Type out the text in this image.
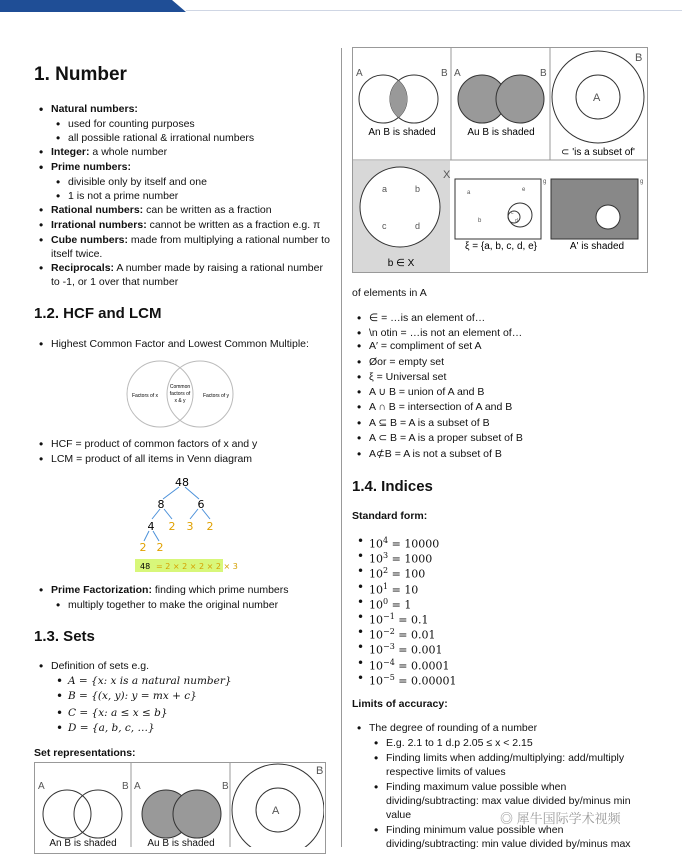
1. Number
• Natural numbers:
• used for counting purposes
• all possible rational & irrational numbers
• Integer: a whole number
• Prime numbers:
• divisible only by itself and one
• 1 is not a prime number
• Rational numbers: can be written as a fraction
• Irrational numbers: cannot be written as a fraction e.g. π
• Cube numbers: made from multiplying a rational number to itself twice.
• Reciprocals: A number made by raising a rational number to -1, or 1 over that number
1.2. HCF and LCM
• Highest Common Factor and Lowest Common Multiple:
Factors of x
Common
factors of
x & y
Factors of y
• HCF = product of common factors of x and y
• LCM = product of all items in Venn diagram
48
8	6
4 2 3 2
2 2
48 = 2 × 2 × 2 × 2 × 3
• Prime Factorization: finding which prime numbers
• multiply together to make the original number
1.3. Sets
• Definition of sets e.g.
• A = {x: x is a natural number}
• B = {(x, y): y = mx + c}
• C = {x: a ≤ x ≤ b}
• D = {a, b, c, …}
Set representations:
A	B A	B
A
B
An B is shaded	Au B is shaded
A	B
An B is shaded
A	B
Au B is shaded
A
B
⊂ 'is a subset of'
X
a	b
c	d
b ∈ X
a	e
b
c
d
g
ξ = {a, b, c, d, e}
g
A' is shaded
of elements in A
• ∈ = …is an element of…
• \n otin = …is not an element of…
• A′ = compliment of set A
• Øor = empty set
• ξ = Universal set
• A ∪ B = union of A and B
• A ∩ B = intersection of A and B
• A ⊆ B = A is a subset of B
• A ⊂ B = A is a proper subset of B
• A⊄B = A is not a subset of B
1.4. Indices
Standard form:
• $10^4 = 10000$
• $10^3 = 1000$
• $10^2 = 100$
• $10^1 = 10$
• $10^0 = 1$
• $10^{-1} = 0.1$
• $10^{-2} = 0.01$
• $10^{-3} = 0.001$
• $10^{-4} = 0.0001$
• $10^{-5} = 0.00001$
Limits of accuracy:
• The degree of rounding of a number
• E.g. 2.1 to 1 d.p 2.05 ≤ x < 2.15
• Finding limits when adding/multiplying: add/multiply respective limits of values
• Finding maximum value possible when dividing/subtracting: max value divided by/minus min value
• Finding minimum value possible when dividing/subtracting: min value divided by/minus max
◎ 犀牛国际学术视频
